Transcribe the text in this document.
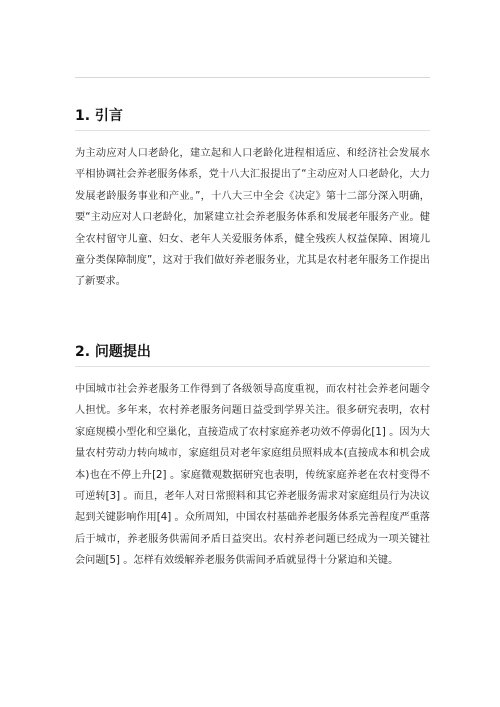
1. 引言

为主动应对人口老龄化，建立起和人口老龄化进程相适应、和经济社会发展水平相协调社会养老服务体系，党十八大汇报提出了“主动应对人口老龄化，大力发展老龄服务事业和产业。”，十八大三中全会《决定》第十二部分深入明确，要“主动应对人口老龄化，加紧建立社会养老服务体系和发展老年服务产业。健全农村留守儿童、妇女、老年人关爱服务体系，健全残疾人权益保障、困境儿童分类保障制度”，这对于我们做好养老服务业，尤其是农村老年服务工作提出了新要求。

2. 问题提出

中国城市社会养老服务工作得到了各级领导高度重视，而农村社会养老问题令人担忧。多年来，农村养老服务问题日益受到学界关注。很多研究表明，农村家庭规模小型化和空巢化，直接造成了农村家庭养老功效不停弱化[1] 。因为大量农村劳动力转向城市，家庭组员对老年家庭组员照料成本(直接成本和机会成本)也在不停上升[2] 。家庭微观数据研究也表明，传统家庭养老在农村变得不可逆转[3] 。而且，老年人对日常照料和其它养老服务需求对家庭组员行为决议起到关键影响作用[4] 。众所周知，中国农村基础养老服务体系完善程度严重落后于城市，养老服务供需间矛盾日益突出。农村养老问题已经成为一项关键社会问题[5] 。怎样有效缓解养老服务供需间矛盾就显得十分紧迫和关键。
